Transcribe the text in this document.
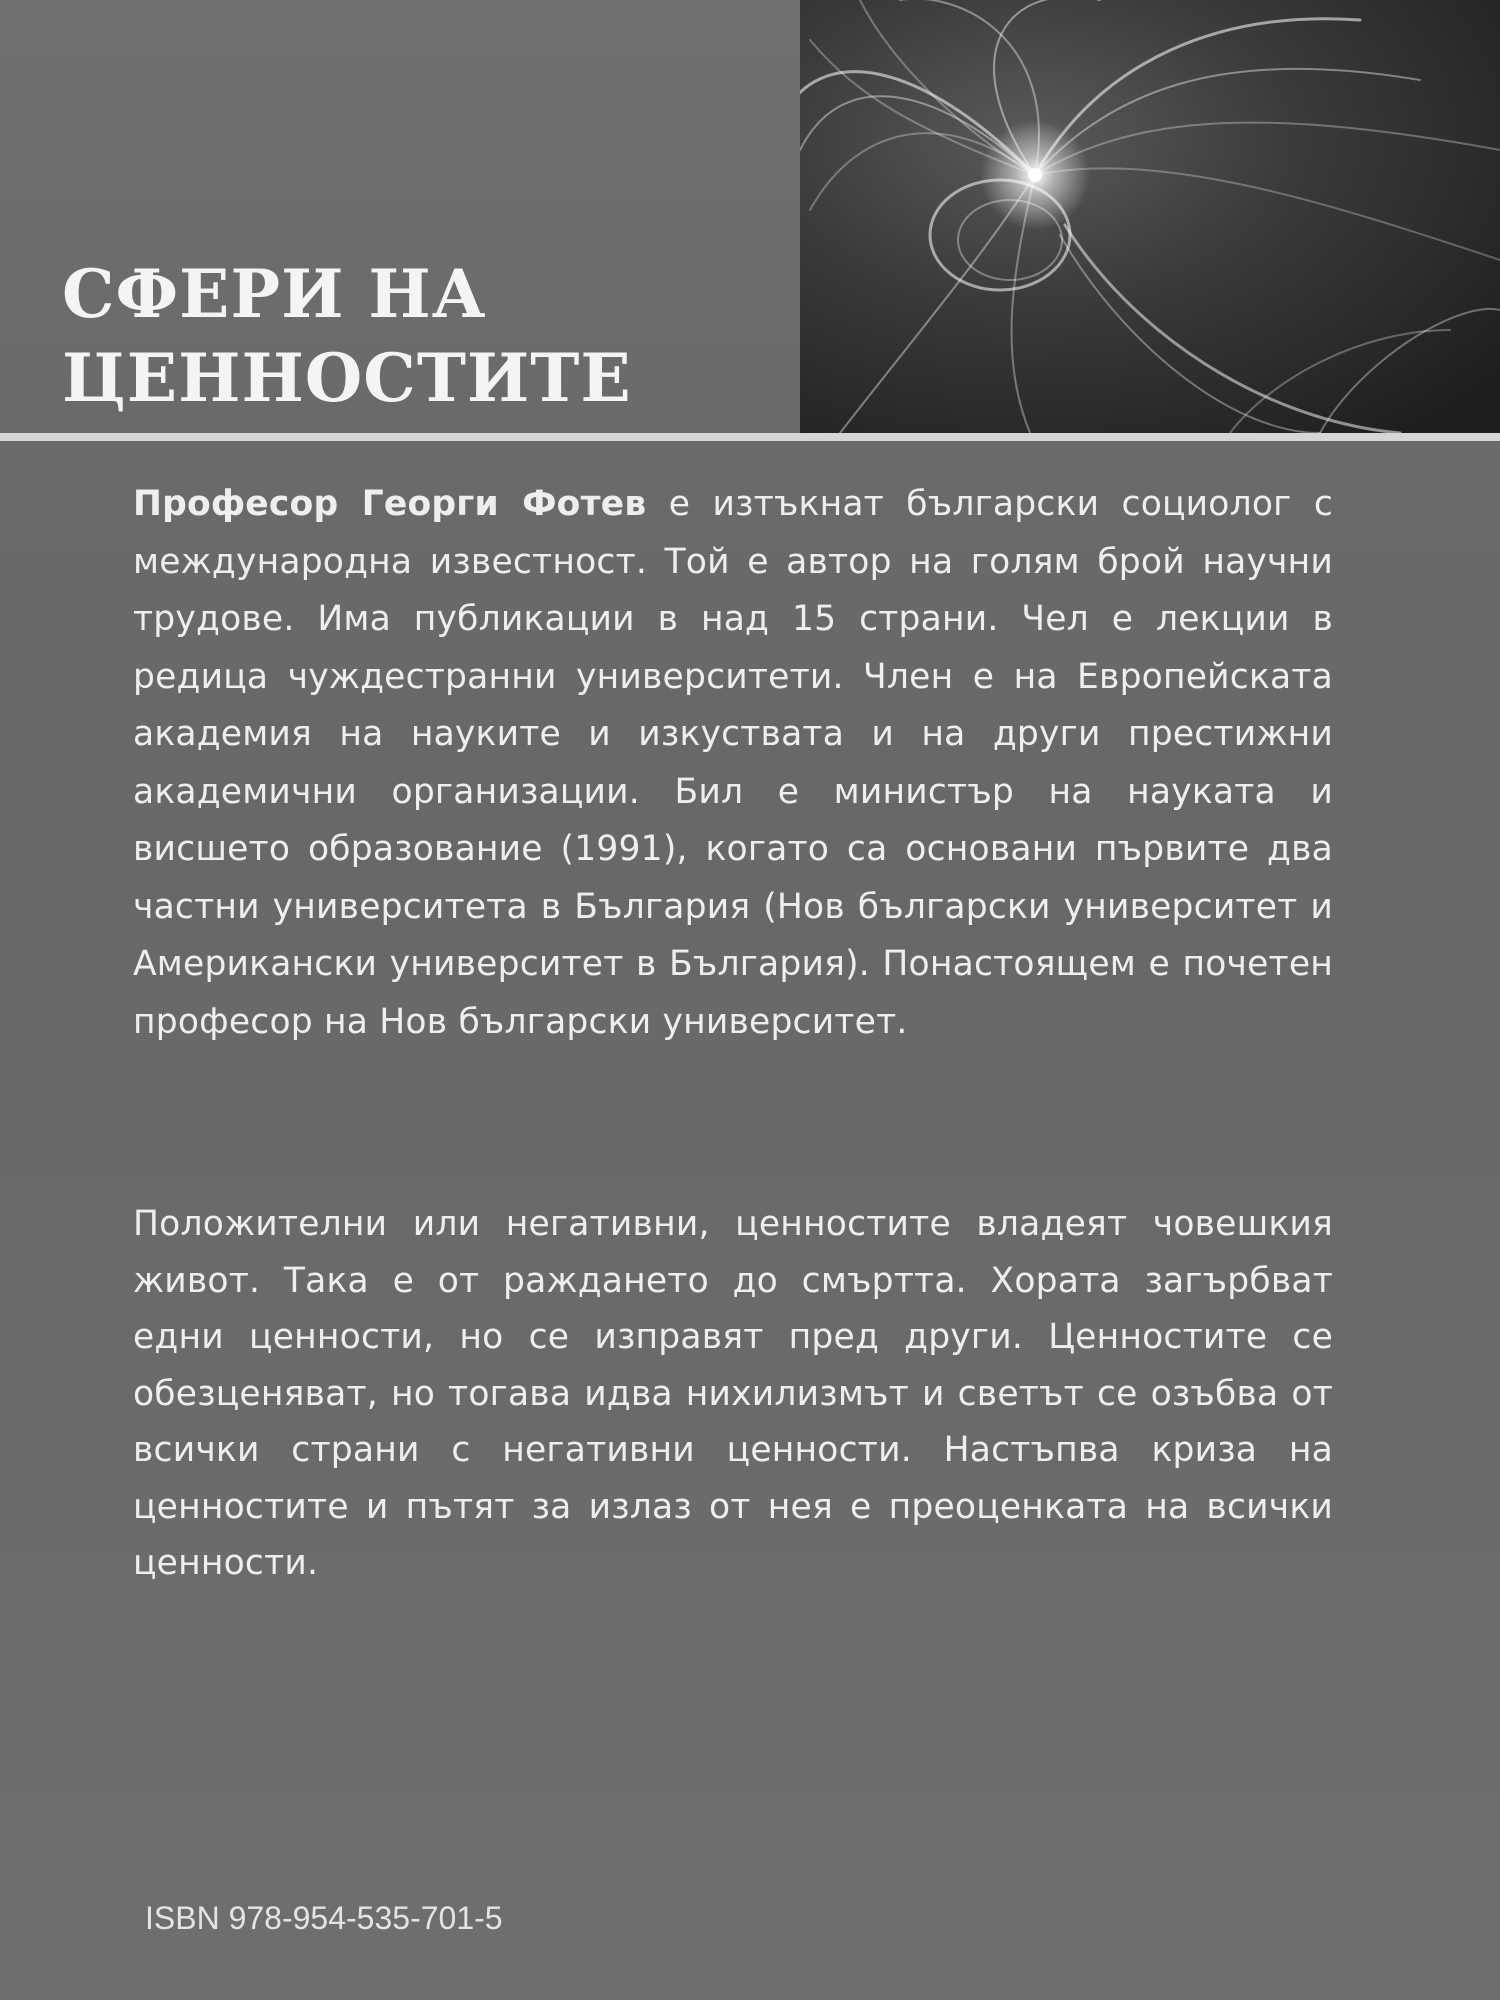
СФЕРИ НА
ЦЕННОСТИТЕ

Професор Георги Фотев е изтъкнат български социолог с международна известност. Той е автор на голям брой научни трудове. Има публикации в над 15 страни. Чел е лекции в редица чуждестранни университети. Член е на Европейската академия на науките и изкуствата и на други престижни академични организации. Бил е министър на науката и висшето образование (1991), когато са основани първите два частни университета в България (Нов български университет и Американски университет в България). Понастоящем е почетен професор на Нов български университет.

Положителни или негативни, ценностите владеят човешкия живот. Така е от раждането до смъртта. Хората загърбват едни ценности, но се изправят пред други. Ценностите се обезценяват, но тогава идва нихилизмът и светът се озъбва от всички страни с негативни ценности. Настъпва криза на ценностите и пътят за излаз от нея е преоценката на всички ценности.

ISBN 978-954-535-701-5
